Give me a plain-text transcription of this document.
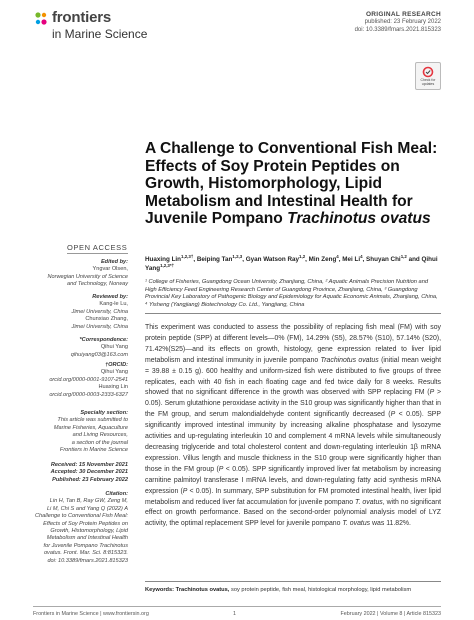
frontiers
in Marine Science
ORIGINAL RESEARCH
published: 23 February 2022
doi: 10.3389/fmars.2021.815323
Check for updates
A Challenge to Conventional Fish Meal: Effects of Soy Protein Peptides on Growth, Histomorphology, Lipid Metabolism and Intestinal Health for Juvenile Pompano Trachinotus ovatus
Huaxing Lin$^{1,2,3\dagger}$, Beiping Tan$^{1,2,3}$, Gyan Watson Ray$^{1,2}$, Min Zeng$^4$, Mei Li$^4$, Shuyan Chi$^{1,2}$ and Qihui Yang$^{1,2,3*\dagger}$
¹ College of Fisheries, Guangdong Ocean University, Zhanjiang, China, ² Aquatic Animals Precision Nutrition and High Efficiency Feed Engineering Research Center of Guangdong Province, Zhanjiang, China, ³ Guangdong Provincial Key Laboratory of Pathogenic Biology and Epidemiology for Aquatic Economic Animals, Zhanjiang, China, ⁴ Yisheng (Yangjiang) Biotechnology Co. Ltd., Yangjiang, China
This experiment was conducted to assess the possibility of replacing fish meal (FM) with soy protein peptide (SPP) at different levels—0% (FM), 14.29% (S5), 28.57% (S10), 57.14% (S20), 71.42%(S25)—and its effects on growth, histology, gene expression related to liver lipid metabolism and intestinal immunity in juvenile pompano Trachinotus ovatus (initial mean weight = 39.88 ± 0.15 g). 600 healthy and uniform-sized fish were distributed to five groups of three replicates, each with 40 fish in each floating cage and fed twice daily for 8 weeks. Results showed that no significant difference in the growth was observed with SPP replacing FM (P > 0.05). Serum glutathione peroxidase activity in the S10 group was significantly higher than that in the FM group, and serum malondialdehyde content significantly decreased (P < 0.05). SPP significantly improved intestinal immunity by increasing alkaline phosphatase and lysozyme activities and up-regulating interleukin 10 and complement 4 mRNA levels while simultaneously decreasing triglyceride and total cholesterol content and down-regulating interleukin 1β mRNA expression. Villus length and muscle thickness in the S10 group were significantly higher than those in the FM group (P < 0.05). SPP significantly improved liver fat metabolism by increasing carnitine palmitoyl transferase I mRNA levels, and down-regulating fatty acid synthesis mRNA expression (P < 0.05). In summary, SPP substitution for FM promoted intestinal health, liver lipid metabolism and reduced liver fat accumulation for juvenile pompano T. ovatus, with no significant effect on growth performance. Based on the second-order polynomial analysis model of LYZ activity, the optimal replacement SPP level for juvenile pompano T. ovatus was 11.82%.
Keywords: Trachinotus ovatus, soy protein peptide, fish meal, histological morphology, lipid metabolism
OPEN ACCESS
Edited by:
Yngvar Olsen,
Norwegian University of Science
and Technology, Norway
Reviewed by:
Kang-le Lu,
Jimei University, China
Chunxiao Zhang,
Jimei University, China
*Correspondence:
Qihui Yang
qihuiyang03@163.com
†ORCID:
Qihui Yang
orcid.org/0000-0001-9107-2541
Huaxing Lin
orcid.org/0000-0003-2333-6327
Specialty section:
This article was submitted to
Marine Fisheries, Aquaculture
and Living Resources,
a section of the journal
Frontiers in Marine Science
Received: 15 November 2021
Accepted: 30 December 2021
Published: 23 February 2022
Citation:
Lin H, Tan B, Ray GW, Zeng M,
Li M, Chi S and Yang Q (2022) A
Challenge to Conventional Fish Meal:
Effects of Soy Protein Peptides on
Growth, Histomorphology, Lipid
Metabolism and Intestinal Health
for Juvenile Pompano Trachinotus
ovatus. Front. Mar. Sci. 8:815323.
doi: 10.3389/fmars.2021.815323
Frontiers in Marine Science | www.frontiersin.org	1	February 2022 | Volume 8 | Article 815323
